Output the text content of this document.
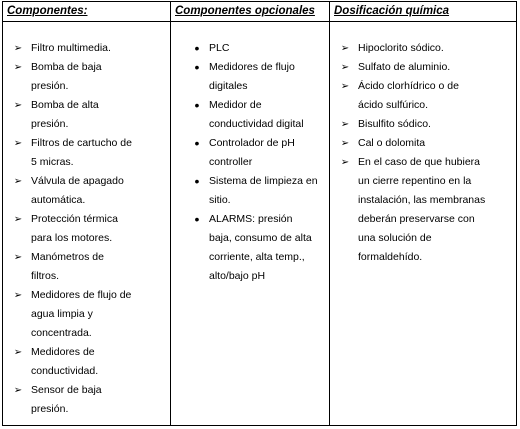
Componentes:	Componentes opcionales	Dosificación química
➢ Filtro multimedia.
➢ Bomba de baja
presión.
➢ Bomba de alta
presión.
➢ Filtros de cartucho de
5 micras.
➢ Válvula de apagado
automática.
➢ Protección térmica
para los motores.
➢ Manómetros de
filtros.
➢ Medidores de flujo de
agua limpia y
concentrada.
➢ Medidores de
conductividad.
➢ Sensor de baja
presión.
• PLC
• Medidores de flujo
digitales
• Medidor de
conductividad digital
• Controlador de pH
controller
• Sistema de limpieza en
sitio.
• ALARMS: presión
baja, consumo de alta
corriente, alta temp.,
alto/bajo pH
➢ Hipoclorito sódico.
➢ Sulfato de aluminio.
➢ Ácido clorhídrico o de
ácido sulfúrico.
➢ Bisulfito sódico.
➢ Cal o dolomita
➢ En el caso de que hubiera
un cierre repentino en la
instalación, las membranas
deberán preservarse con
una solución de
formaldehído.
